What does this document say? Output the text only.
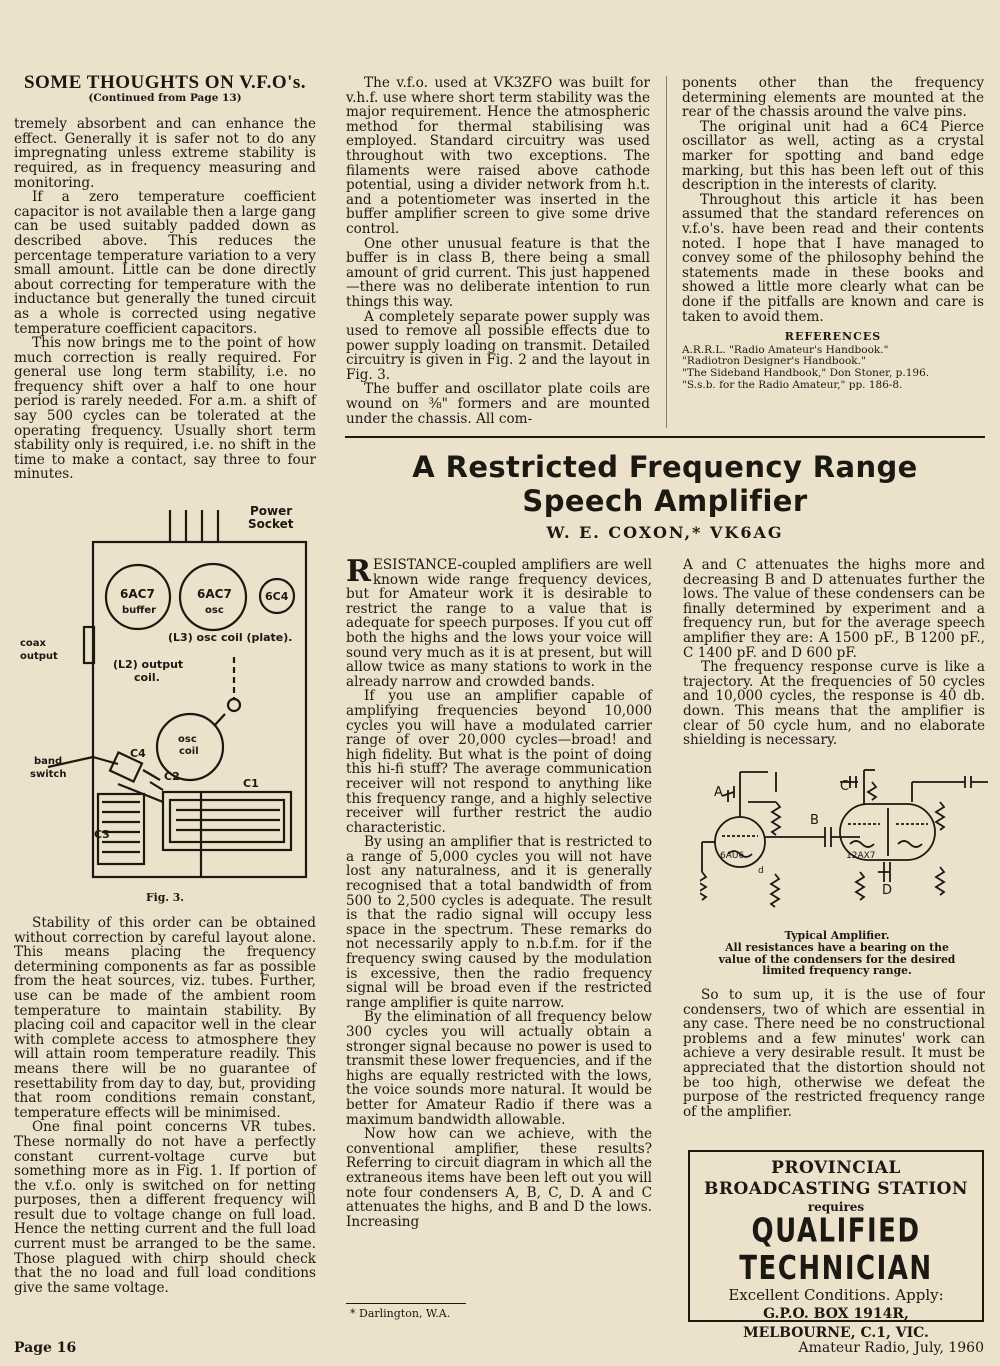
SOME THOUGHTS ON V.F.O's.
(Continued from Page 13)

tremely absorbent and can enhance the effect. Generally it is safer not to do any impregnating unless extreme stability is required, as in frequency measuring and monitoring.

If a zero temperature coefficient capacitor is not available then a large gang can be used suitably padded down as described above. This reduces the percentage temperature variation to a very small amount. Little can be done directly about correcting for temperature with the inductance but generally the tuned circuit as a whole is corrected using negative temperature coefficient capacitors.

This now brings me to the point of how much correction is really required. For general use long term stability, i.e. no frequency shift over a half to one hour period is rarely needed. For a.m. a shift of say 500 cycles can be tolerated at the operating frequency. Usually short term stability only is required, i.e. no shift in the time to make a contact, say three to four minutes.

Power
Socket
6AC7
buffer
6AC7
osc
6C4
(L3) osc coil (plate).
coax
output
(L2) output
coil.
osc
coil
band
switch
C4
C2
C1
C3
Fig. 3.

Stability of this order can be obtained without correction by careful layout alone. This means placing the frequency determining components as far as possible from the heat sources, viz. tubes. Further, use can be made of the ambient room temperature to maintain stability. By placing coil and capacitor well in the clear with complete access to atmosphere they will attain room temperature readily. This means there will be no guarantee of resettability from day to day, but, providing that room conditions remain constant, temperature effects will be minimised.

One final point concerns VR tubes. These normally do not have a perfectly constant current-voltage curve but something more as in Fig. 1. If portion of the v.f.o. only is switched on for netting purposes, then a different frequency will result due to voltage change on full load. Hence the netting current and the full load current must be arranged to be the same. Those plagued with chirp should check that the no load and full load conditions give the same voltage.

The v.f.o. used at VK3ZFO was built for v.h.f. use where short term stability was the major requirement. Hence the atmospheric method for thermal stabilising was employed. Standard circuitry was used throughout with two exceptions. The filaments were raised above cathode potential, using a divider network from h.t. and a potentiometer was inserted in the buffer amplifier screen to give some drive control.

One other unusual feature is that the buffer is in class B, there being a small amount of grid current. This just happened—there was no deliberate intention to run things this way.

A completely separate power supply was used to remove all possible effects due to power supply loading on transmit. Detailed circuitry is given in Fig. 2 and the layout in Fig. 3.

The buffer and oscillator plate coils are wound on ⅜" formers and are mounted under the chassis. All com-

ponents other than the frequency determining elements are mounted at the rear of the chassis around the valve pins.

The original unit had a 6C4 Pierce oscillator as well, acting as a crystal marker for spotting and band edge marking, but this has been left out of this description in the interests of clarity.

Throughout this article it has been assumed that the standard references on v.f.o's. have been read and their contents noted. I hope that I have managed to convey some of the philosophy behind the statements made in these books and showed a little more clearly what can be done if the pitfalls are known and care is taken to avoid them.

REFERENCES
A.R.R.L. "Radio Amateur's Handbook."
"Radiotron Designer's Handbook."
"The Sideband Handbook," Don Stoner, p.196.
"S.s.b. for the Radio Amateur," pp. 186-8.
A Restricted Frequency Range
Speech Amplifier
W. E. COXON,* VK6AG

RESISTANCE-coupled amplifiers are well known wide range frequency devices, but for Amateur work it is desirable to restrict the range to a value that is adequate for speech purposes. If you cut off both the highs and the lows your voice will sound very much as it is at present, but will allow twice as many stations to work in the already narrow and crowded bands.

If you use an amplifier capable of amplifying frequencies beyond 10,000 cycles you will have a modulated carrier range of over 20,000 cycles—broad! and high fidelity. But what is the point of doing this hi-fi stuff? The average communication receiver will not respond to anything like this frequency range, and a highly selective receiver will further restrict the audio characteristic.

By using an amplifier that is restricted to a range of 5,000 cycles you will not have lost any naturalness, and it is generally recognised that a total bandwidth of from 500 to 2,500 cycles is adequate. The result is that the radio signal will occupy less space in the spectrum. These remarks do not necessarily apply to n.b.f.m. for if the frequency swing caused by the modulation is excessive, then the radio frequency signal will be broad even if the restricted range amplifier is quite narrow.

By the elimination of all frequency below 300 cycles you will actually obtain a stronger signal because no power is used to transmit these lower frequencies, and if the highs are equally restricted with the lows, the voice sounds more natural. It would be better for Amateur Radio if there was a maximum bandwidth allowable.

Now how can we achieve, with the conventional amplifier, these results? Referring to circuit diagram in which all the extraneous items have been left out you will note four condensers A, B, C, D. A and C attenuates the highs, and B and D the lows. Increasing

* Darlington, W.A.

A and C attenuates the highs more and decreasing B and D attenuates further the lows. The value of these condensers can be finally determined by experiment and a frequency run, but for the average speech amplifier they are: A 1500 pF., B 1200 pF., C 1400 pF. and D 600 pF.

The frequency response curve is like a trajectory. At the frequencies of 50 cycles and 10,000 cycles, the response is 40 db. down. This means that the amplifier is clear of 50 cycle hum, and no elaborate shielding is necessary.

A
B
C
d
D
6AU6	12AX7
Typical Amplifier.
All resistances have a bearing on the value of the condensers for the desired limited frequency range.

So to sum up, it is the use of four condensers, two of which are essential in any case. There need be no constructional problems and a few minutes' work can achieve a very desirable result. It must be appreciated that the distortion should not be too high, otherwise we defeat the purpose of the restricted frequency range of the amplifier.

PROVINCIAL
BROADCASTING STATION
requires
QUALIFIED TECHNICIAN
Excellent Conditions. Apply:
G.P.O. BOX 1914R,
MELBOURNE, C.1, VIC.
Page 16	Amateur Radio, July, 1960
